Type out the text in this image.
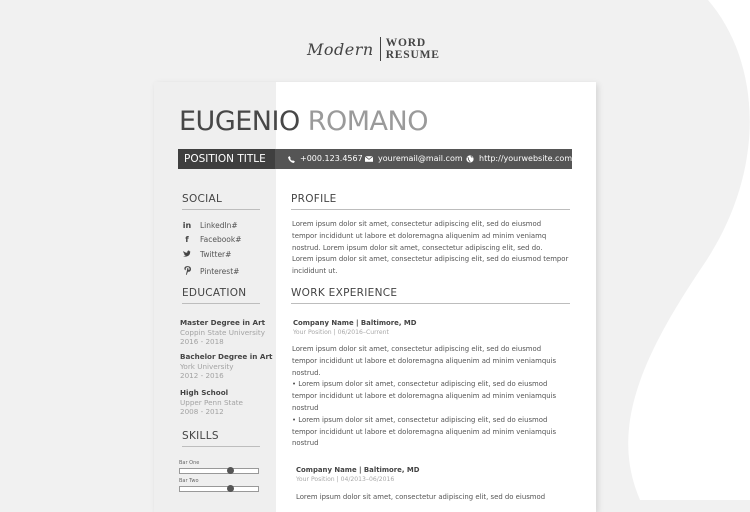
Modern WORD
RESUME
EUGENIO ROMANO
POSITION TITLE	+000.123.4567 youremail@mail.com http://yourwebsite.com
SOCIAL
in LinkedIn#
f	Facebook#
Twitter#
Pinterest#
EDUCATION
Master Degree in Art
Coppin State University
2016 - 2018
Bachelor Degree in Art
York University
2012 - 2016
High School
Upper Penn State
2008 - 2012
SKILLS
Bar One
Bar Two
PROFILE
Lorem ipsum dolor sit amet, consectetur adipiscing elit, sed do eiusmod
tempor incididunt ut labore et doloremagna aliquenim ad minim veniamq
nostrud. Lorem ipsum dolor sit amet, consectetur adipiscing elit, sed do.
Lorem ipsum dolor sit amet, consectetur adipiscing elit, sed do eiusmod tempor
incididunt ut.
WORK EXPERIENCE
Company Name | Baltimore, MD
Your Position | 06/2016–Current
Lorem ipsum dolor sit amet, consectetur adipiscing elit, sed do eiusmod
tempor incididunt ut labore et doloremagna aliquenim ad minim veniamquis
nostrud.
• Lorem ipsum dolor sit amet, consectetur adipiscing elit, sed do eiusmod
tempor incididunt ut labore et doloremagna aliquenim ad minim veniamquis
nostrud
• Lorem ipsum dolor sit amet, consectetur adipiscing elit, sed do eiusmod
tempor incididunt ut labore et doloremagna aliquenim ad minim veniamquis
nostrud
Company Name | Baltimore, MD
Your Position | 04/2013–06/2016
Lorem ipsum dolor sit amet, consectetur adipiscing elit, sed do eiusmod
